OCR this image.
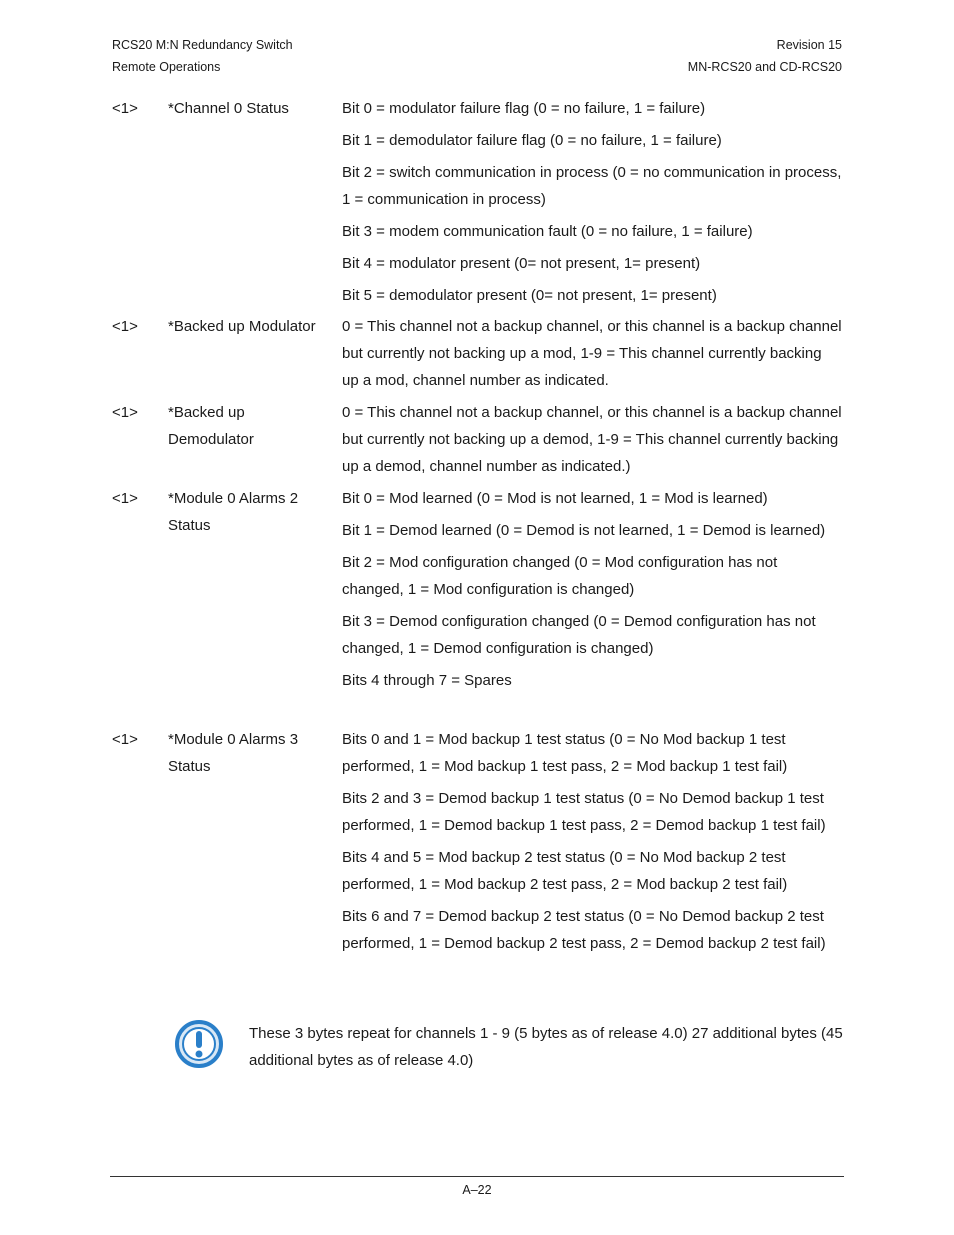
RCS20 M:N Redundancy Switch
Remote Operations
Revision 15
MN-RCS20 and CD-RCS20
<1> *Channel 0 Status	Bit 0 = modulator failure flag (0 = no failure, 1 = failure)

Bit 1 = demodulator failure flag (0 = no failure, 1 = failure)

Bit 2 = switch communication in process (0 = no communication in process, 1 = communication in process)

Bit 3 = modem communication fault (0 = no failure, 1 = failure)

Bit 4 = modulator present (0= not present, 1= present)

Bit 5 = demodulator present (0= not present, 1= present)

<1> *Backed up Modulator	0 = This channel not a backup channel, or this channel is a backup channel but currently not backing up a mod, 1-9 = This channel currently backing up a mod, channel number as indicated.

<1> *Backed up Demodulator

0 = This channel not a backup channel, or this channel is a backup channel but currently not backing up a demod, 1-9 = This channel currently backing up a demod, channel number as indicated.)

<1> *Module 0 Alarms 2 Status

Bit 0 = Mod learned (0 = Mod is not learned, 1 = Mod is learned)

Bit 1 = Demod learned (0 = Demod is not learned, 1 = Demod is learned)

Bit 2 = Mod configuration changed (0 = Mod configuration has not changed, 1 = Mod configuration is changed)

Bit 3 = Demod configuration changed (0 = Demod configuration has not changed, 1 = Demod configuration is changed)

Bits 4 through 7 = Spares

<1> *Module 0 Alarms 3 Status

Bits 0 and 1 = Mod backup 1 test status (0 = No Mod backup 1 test performed, 1 = Mod backup 1 test pass, 2 = Mod backup 1 test fail)

Bits 2 and 3 = Demod backup 1 test status (0 = No Demod backup 1 test performed, 1 = Demod backup 1 test pass, 2 = Demod backup 1 test fail)

Bits 4 and 5 = Mod backup 2 test status (0 = No Mod backup 2 test performed, 1 = Mod backup 2 test pass, 2 = Mod backup 2 test fail)

Bits 6 and 7 = Demod backup 2 test status (0 = No Demod backup 2 test performed, 1 = Demod backup 2 test pass, 2 = Demod backup 2 test fail)

These 3 bytes repeat for channels 1 - 9 (5 bytes as of release 4.0) 27 additional bytes (45 additional bytes as of release 4.0)
A–22
